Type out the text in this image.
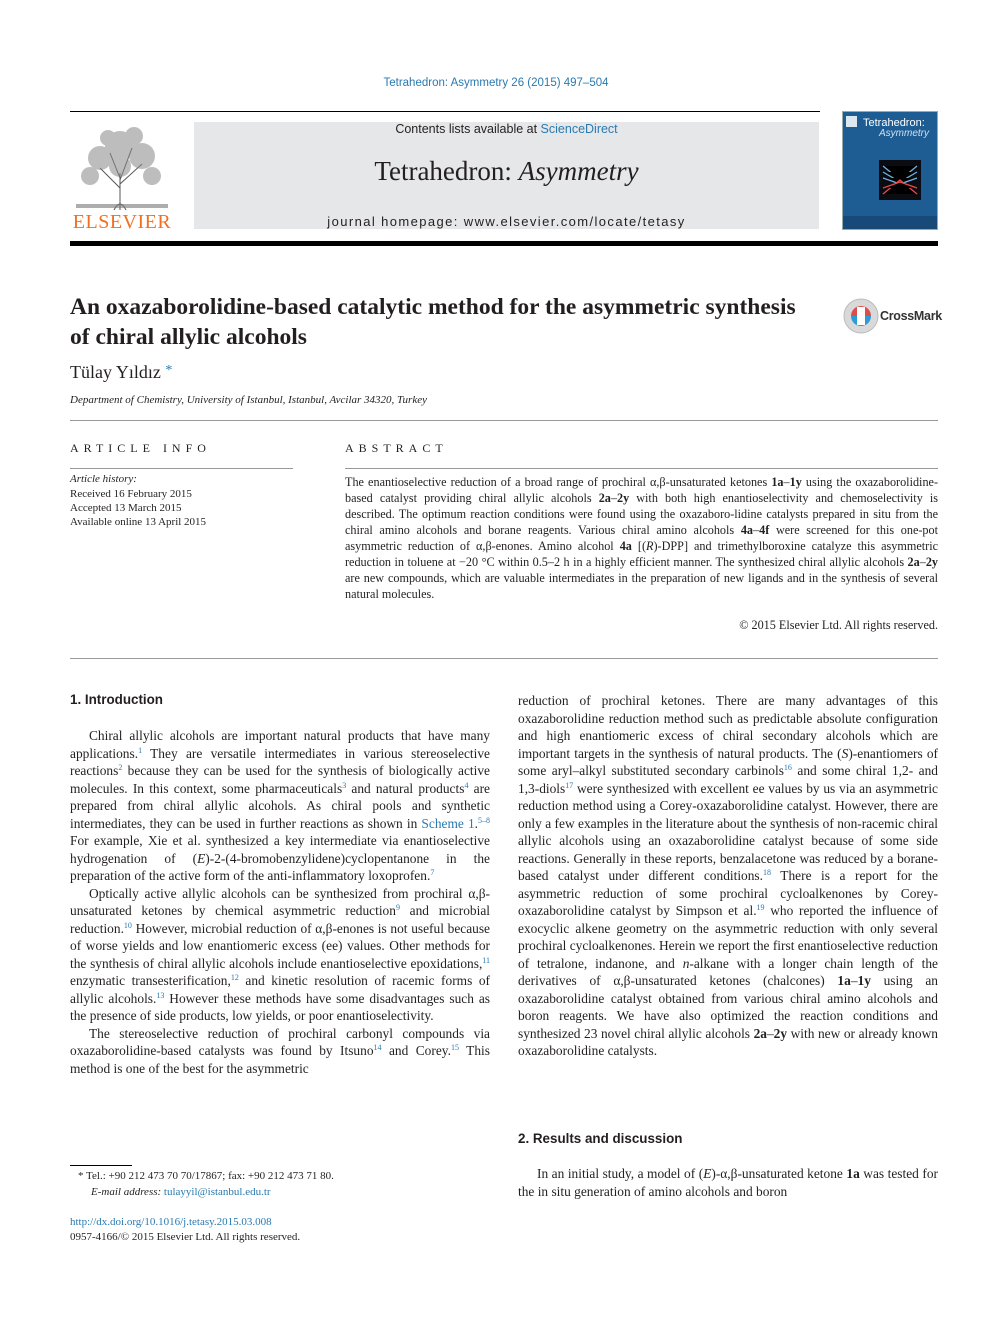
Tetrahedron: Asymmetry 26 (2015) 497–504
ELSEVIER
Contents lists available at ScienceDirect
Tetrahedron: Asymmetry
journal homepage: www.elsevier.com/locate/tetasy
Tetrahedron:
Asymmetry
An oxazaborolidine-based catalytic method for the asymmetric synthesis of chiral allylic alcohols
CrossMark
Tülay Yıldız *
Department of Chemistry, University of Istanbul, Istanbul, Avcilar 34320, Turkey
ARTICLE INFO
Article history:
Received 16 February 2015
Accepted 13 March 2015
Available online 13 April 2015
ABSTRACT
The enantioselective reduction of a broad range of prochiral α,β-unsaturated ketones 1a–1y using the oxazaborolidine-based catalyst providing chiral allylic alcohols 2a–2y with both high enantioselectivity and chemoselectivity is described. The optimum reaction conditions were found using the oxazaboro-lidine catalysts prepared in situ from the chiral amino alcohols and borane reagents. Various chiral amino alcohols 4a–4f were screened for this one-pot asymmetric reduction of α,β-enones. Amino alcohol 4a [(R)-DPP] and trimethylboroxine catalyze this asymmetric reduction in toluene at −20 °C within 0.5–2 h in a highly efficient manner. The synthesized chiral allylic alcohols 2a–2y are new compounds, which are valuable intermediates in the preparation of new ligands and in the synthesis of several natural molecules.
© 2015 Elsevier Ltd. All rights reserved.
1. Introduction

Chiral allylic alcohols are important natural products that have many applications.$^1$ They are versatile intermediates in various stereoselective reactions$^2$ because they can be used for the synthesis of biologically active molecules. In this context, some pharmaceuticals$^3$ and natural products$^4$ are prepared from chiral allylic alcohols. As chiral pools and synthetic intermediates, they can be used in further reactions as shown in Scheme 1.$^{5-8}$ For example, Xie et al. synthesized a key intermediate via enantioselective hydrogenation of (E)-2-(4-bromobenzylidene)cyclopentanone in the preparation of the active form of the anti-inflammatory loxoprofen.$^7$

Optically active allylic alcohols can be synthesized from prochiral α,β-unsaturated ketones by chemical asymmetric reduction$^9$ and microbial reduction.$^{10}$ However, microbial reduction of α,β-enones is not useful because of worse yields and low enantiomeric excess (ee) values. Other methods for the synthesis of chiral allylic alcohols include enantioselective epoxidations,$^{11}$ enzymatic transesterification,$^{12}$ and kinetic resolution of racemic forms of allylic alcohols.$^{13}$ However these methods have some disadvantages such as the presence of side products, low yields, or poor enantioselectivity.

The stereoselective reduction of prochiral carbonyl compounds via oxazaborolidine-based catalysts was found by Itsuno$^{14}$ and Corey.$^{15}$ This method is one of the best for the asymmetric

reduction of prochiral ketones. There are many advantages of this oxazaborolidine reduction method such as predictable absolute configuration and high enantiomeric excess of chiral secondary alcohols which are important targets in the synthesis of natural products. The (S)-enantiomers of some aryl–alkyl substituted secondary carbinols$^{16}$ and some chiral 1,2- and 1,3-diols$^{17}$ were synthesized with excellent ee values by us via an asymmetric reduction method using a Corey-oxazaborolidine catalyst. However, there are only a few examples in the literature about the synthesis of non-racemic chiral allylic alcohols using an oxazaborolidine catalyst because of some side reactions. Generally in these reports, benzalacetone was reduced by a borane-based catalyst under different conditions.$^{18}$ There is a report for the asymmetric reduction of some prochiral cycloalkenones by Corey-oxazaborolidine catalyst by Simpson et al.$^{19}$ who reported the influence of exocyclic alkene geometry on the asymmetric reduction with only several prochiral cycloalkenones. Herein we report the first enantioselective reduction of tetralone, indanone, and n-alkane with a longer chain length of the derivatives of α,β-unsaturated ketones (chalcones) 1a–1y using an oxazaborolidine catalyst obtained from various chiral amino alcohols and boron reagents. We have also optimized the reaction conditions and synthesized 23 novel chiral allylic alcohols 2a–2y with new or already known oxazaborolidine catalysts.

2. Results and discussion

In an initial study, a model of (E)-α,β-unsaturated ketone 1a was tested for the in situ generation of amino alcohols and boron

* Tel.: +90 212 473 70 70/17867; fax: +90 212 473 71 80.
E-mail address: tulayyil@istanbul.edu.tr
http://dx.doi.org/10.1016/j.tetasy.2015.03.008
0957-4166/© 2015 Elsevier Ltd. All rights reserved.
